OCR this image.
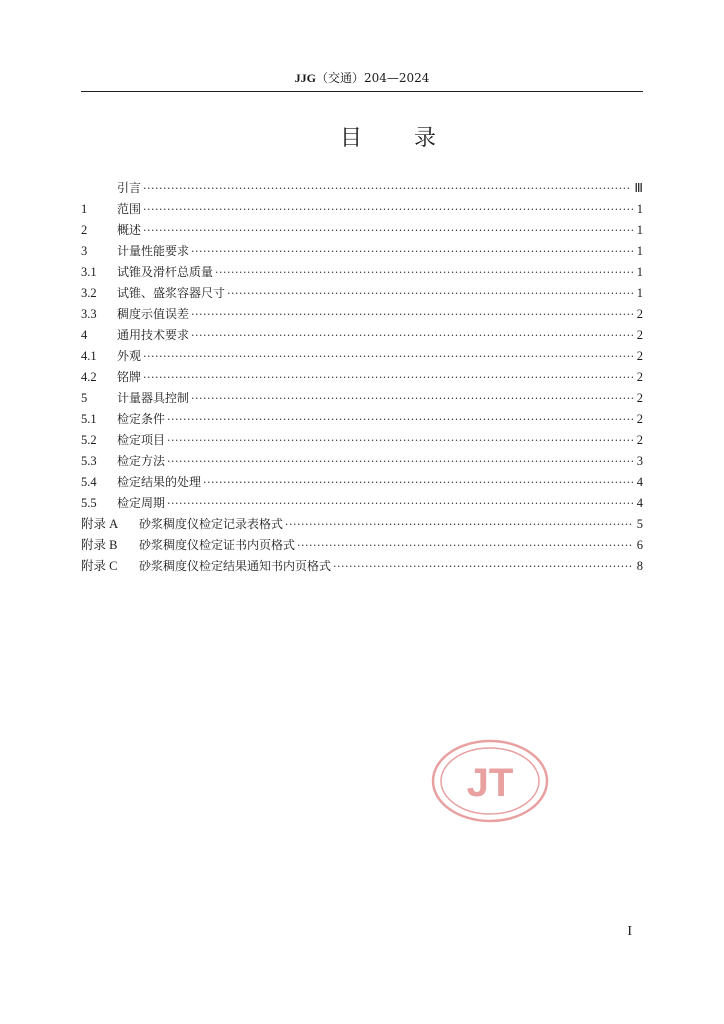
JJG（交通）204—2024
目录
引言 ·····	Ⅲ
1	范围 ·····	1
2	概述 ·····	1
3	计量性能要求 ·····	1
3.1	试锥及滑杆总质量 ·····	1
3.2	试锥、盛浆容器尺寸 ·····	1
3.3	稠度示值误差 ·····	2
4	通用技术要求 ·····	2
4.1	外观 ·····	2
4.2	铭牌 ·····	2
5	计量器具控制 ·····	2
5.1	检定条件 ·····	2
5.2	检定项目 ·····	2
5.3	检定方法 ·····	3
5.4	检定结果的处理 ·····	4
5.5	检定周期 ·····	4
附录 A	砂浆稠度仪检定记录表格式 ·····	5
附录 B	砂浆稠度仪检定证书内页格式 ·····	6
附录 C	砂浆稠度仪检定结果通知书内页格式 ·····	8
JT
I
